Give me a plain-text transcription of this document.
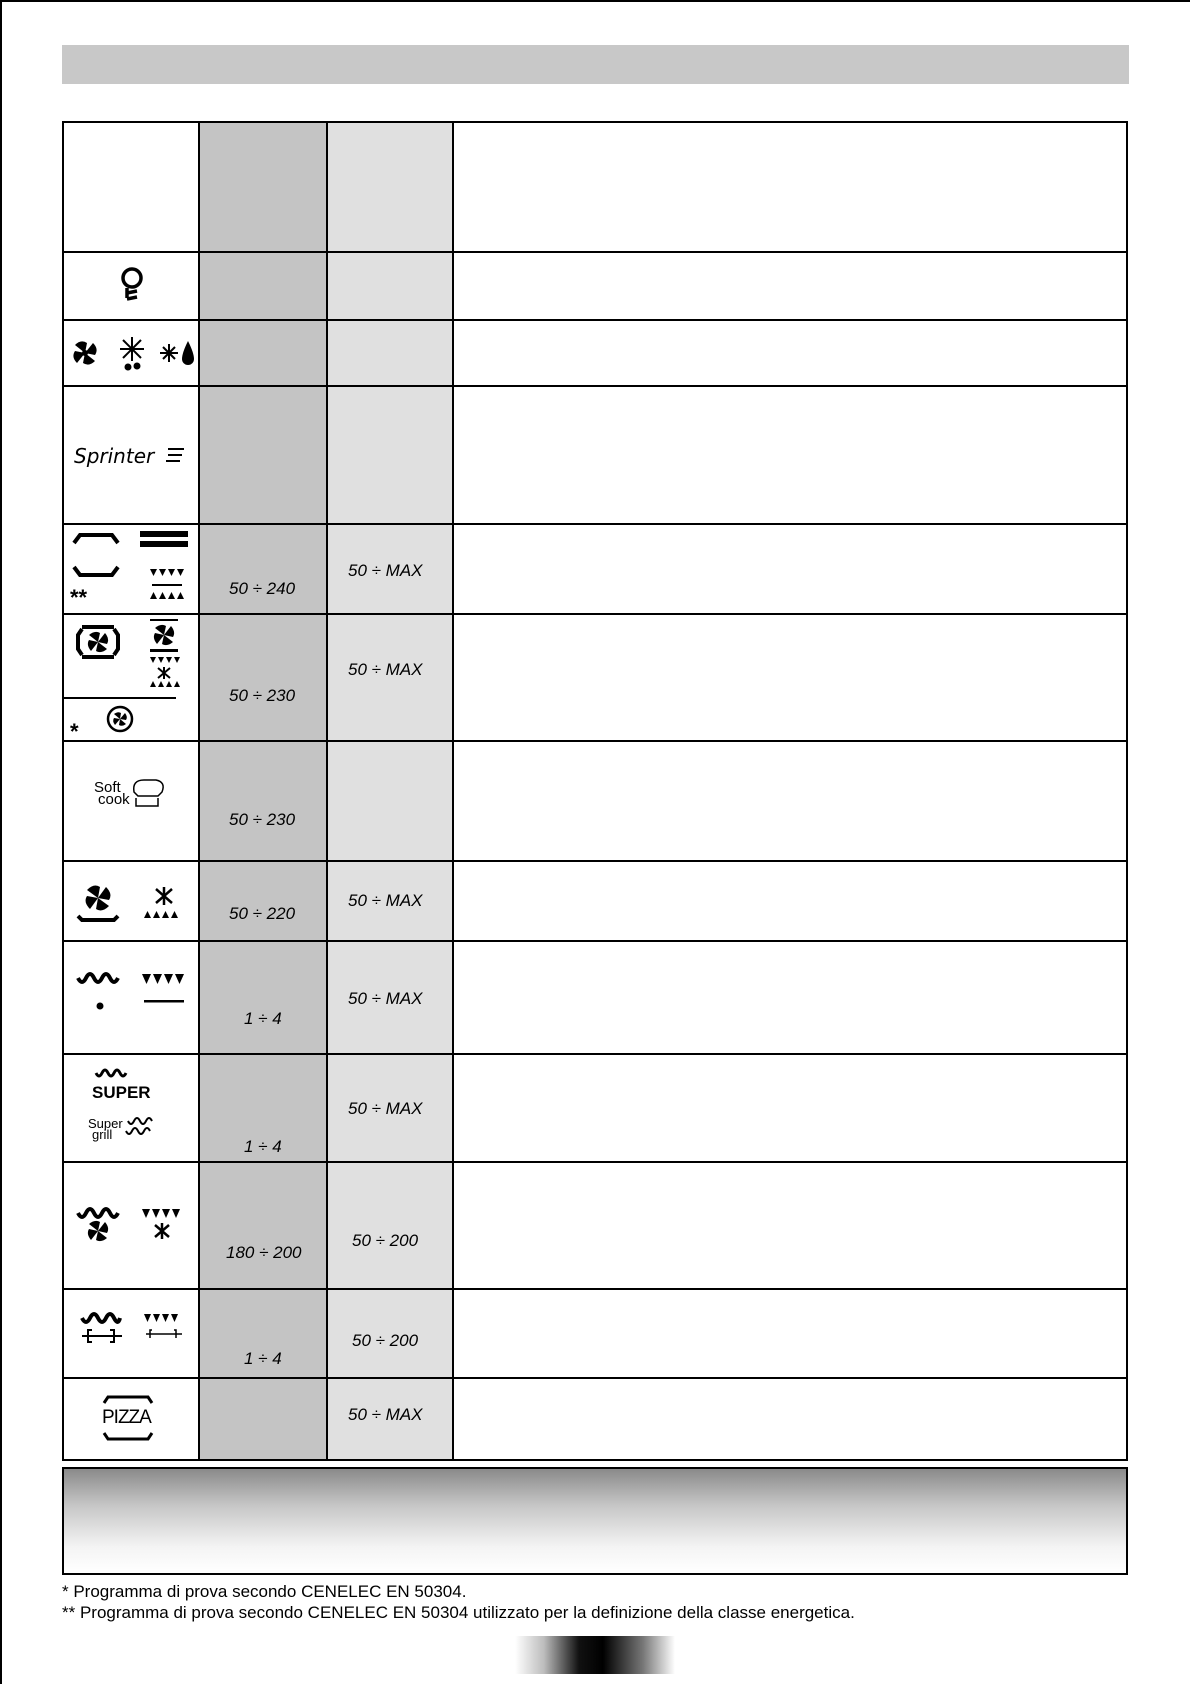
Sprinter
**	50 ÷ 240
50 ÷ MAX
*
50 ÷ 230
50 ÷ MAX
Soft
cook
50 ÷ 230
50 ÷ 220
50 ÷ MAX
1 ÷ 4
50 ÷ MAX
SUPER
Super
grill
1 ÷ 4
50 ÷ MAX
180 ÷ 200
50 ÷ 200
1 ÷ 4
50 ÷ 200
PIZZA	50 ÷ MAX
* Programma di prova secondo CENELEC EN 50304.
** Programma di prova secondo CENELEC EN 50304 utilizzato per la definizione della classe energetica.
